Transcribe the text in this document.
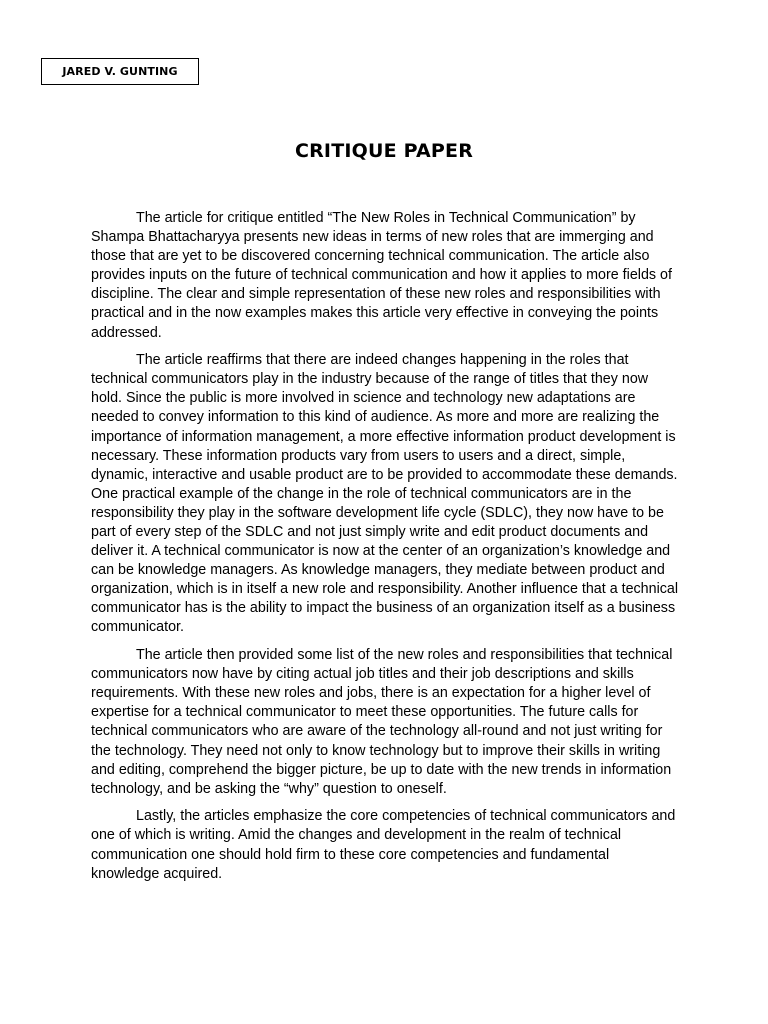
JARED V. GUNTING
CRITIQUE PAPER

The article for critique entitled “The New Roles in Technical Communication” by Shampa Bhattacharyya presents new ideas in terms of new roles that are immerging and those that are yet to be discovered concerning technical communication. The article also provides inputs on the future of technical communication and how it applies to more fields of discipline. The clear and simple representation of these new roles and responsibilities with practical and in the now examples makes this article very effective in conveying the points addressed.

The article reaffirms that there are indeed changes happening in the roles that technical communicators play in the industry because of the range of titles that they now hold. Since the public is more involved in science and technology new adaptations are needed to convey information to this kind of audience. As more and more are realizing the importance of information management, a more effective information product development is necessary. These information products vary from users to users and a direct, simple, dynamic, interactive and usable product are to be provided to accommodate these demands. One practical example of the change in the role of technical communicators are in the responsibility they play in the software development life cycle (SDLC), they now have to be part of every step of the SDLC and not just simply write and edit product documents and deliver it. A technical communicator is now at the center of an organization’s knowledge and can be knowledge managers. As knowledge managers, they mediate between product and organization, which is in itself a new role and responsibility. Another influence that a technical communicator has is the ability to impact the business of an organization itself as a business communicator.

The article then provided some list of the new roles and responsibilities that technical communicators now have by citing actual job titles and their job descriptions and skills requirements. With these new roles and jobs, there is an expectation for a higher level of expertise for a technical communicator to meet these opportunities. The future calls for technical communicators who are aware of the technology all-round and not just writing for the technology. They need not only to know technology but to improve their skills in writing and editing, comprehend the bigger picture, be up to date with the new trends in information technology, and be asking the “why” question to oneself.

Lastly, the articles emphasize the core competencies of technical communicators and one of which is writing. Amid the changes and development in the realm of technical communication one should hold firm to these core competencies and fundamental knowledge acquired.
